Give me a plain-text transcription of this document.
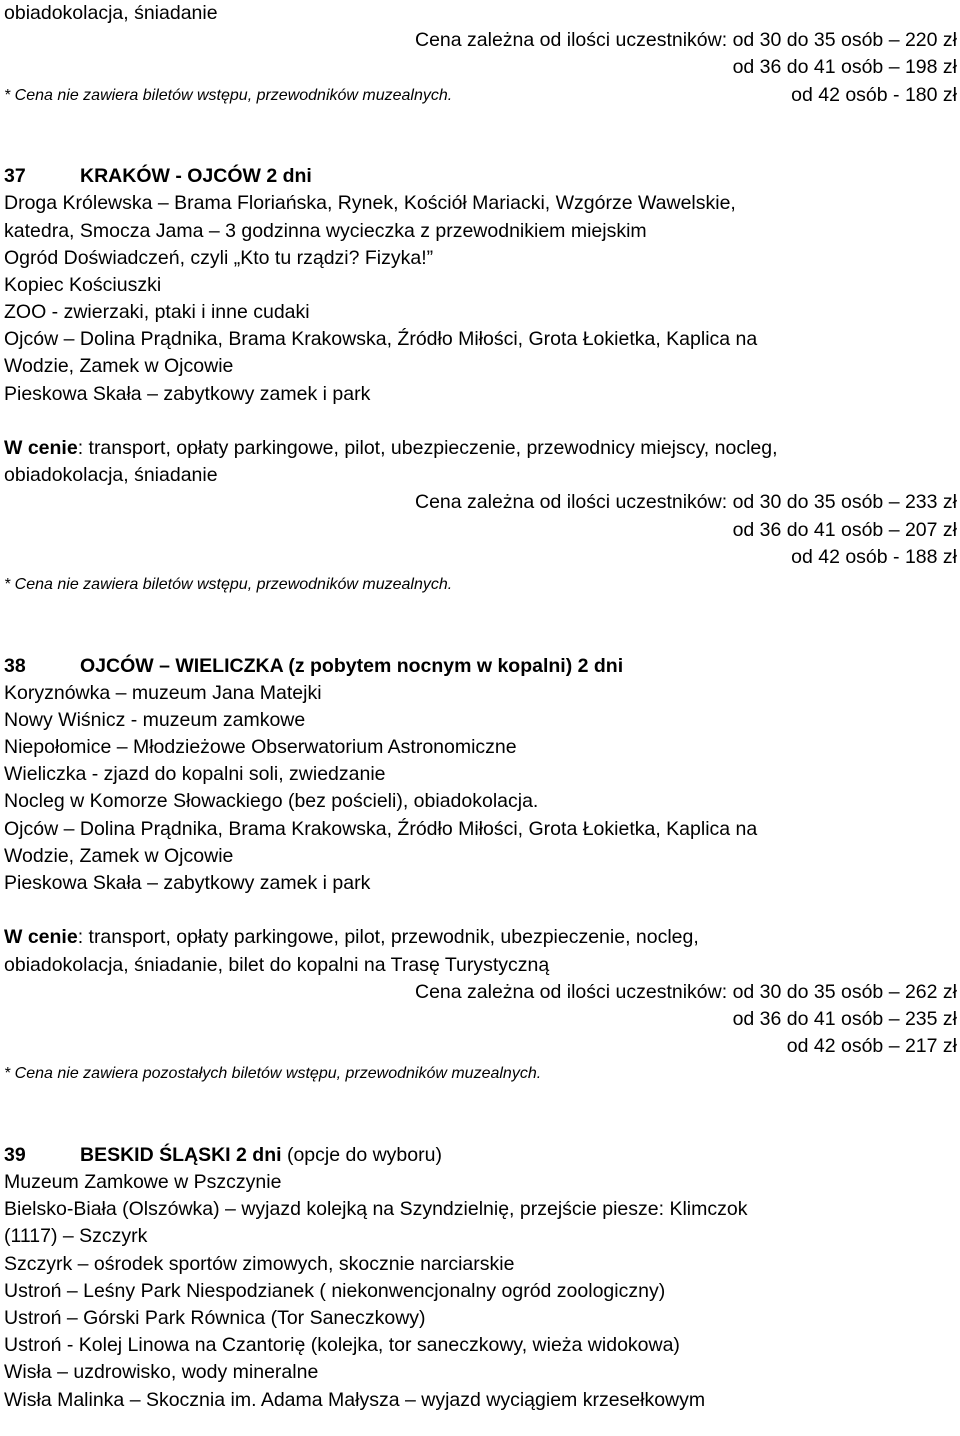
obiadokolacja, śniadanie
Cena zależna od ilości uczestników: od 30 do 35 osób – 220 zł
od 36 do 41 osób – 198 zł
od 42 osób - 180 zł
* Cena nie zawiera biletów wstępu, przewodników muzealnych.
37	KRAKÓW - OJCÓW 2 dni
Droga Królewska – Brama Floriańska, Rynek, Kościół Mariacki, Wzgórze Wawelskie,
katedra, Smocza Jama – 3 godzinna wycieczka z przewodnikiem miejskim
Ogród Doświadczeń, czyli „Kto tu rządzi? Fizyka!”
Kopiec Kościuszki
ZOO - zwierzaki, ptaki i inne cudaki
Ojców – Dolina Prądnika, Brama Krakowska, Źródło Miłości, Grota Łokietka, Kaplica na
Wodzie, Zamek w Ojcowie
Pieskowa Skała – zabytkowy zamek i park
W cenie: transport, opłaty parkingowe, pilot, ubezpieczenie, przewodnicy miejscy, nocleg,
obiadokolacja, śniadanie
Cena zależna od ilości uczestników: od 30 do 35 osób – 233 zł
od 36 do 41 osób – 207 zł
od 42 osób - 188 zł
* Cena nie zawiera biletów wstępu, przewodników muzealnych.
38	OJCÓW – WIELICZKA (z pobytem nocnym w kopalni) 2 dni
Koryznówka – muzeum Jana Matejki
Nowy Wiśnicz - muzeum zamkowe
Niepołomice – Młodzieżowe Obserwatorium Astronomiczne
Wieliczka - zjazd do kopalni soli, zwiedzanie
Nocleg w Komorze Słowackiego (bez pościeli), obiadokolacja.
Ojców – Dolina Prądnika, Brama Krakowska, Źródło Miłości, Grota Łokietka, Kaplica na
Wodzie, Zamek w Ojcowie
Pieskowa Skała – zabytkowy zamek i park
W cenie: transport, opłaty parkingowe, pilot, przewodnik, ubezpieczenie, nocleg,
obiadokolacja, śniadanie, bilet do kopalni na Trasę Turystyczną
Cena zależna od ilości uczestników: od 30 do 35 osób – 262 zł
od 36 do 41 osób – 235 zł
od 42 osób – 217 zł
* Cena nie zawiera pozostałych biletów wstępu, przewodników muzealnych.
39	BESKID ŚLĄSKI 2 dni (opcje do wyboru)
Muzeum Zamkowe w Pszczynie
Bielsko-Biała (Olszówka) – wyjazd kolejką na Szyndzielnię, przejście piesze: Klimczok
(1117) – Szczyrk
Szczyrk – ośrodek sportów zimowych, skocznie narciarskie
Ustroń – Leśny Park Niespodzianek ( niekonwencjonalny ogród zoologiczny)
Ustroń – Górski Park Równica (Tor Saneczkowy)
Ustroń - Kolej Linowa na Czantorię (kolejka, tor saneczkowy, wieża widokowa)
Wisła – uzdrowisko, wody mineralne
Wisła Malinka – Skocznia im. Adama Małysza – wyjazd wyciągiem krzesełkowym
